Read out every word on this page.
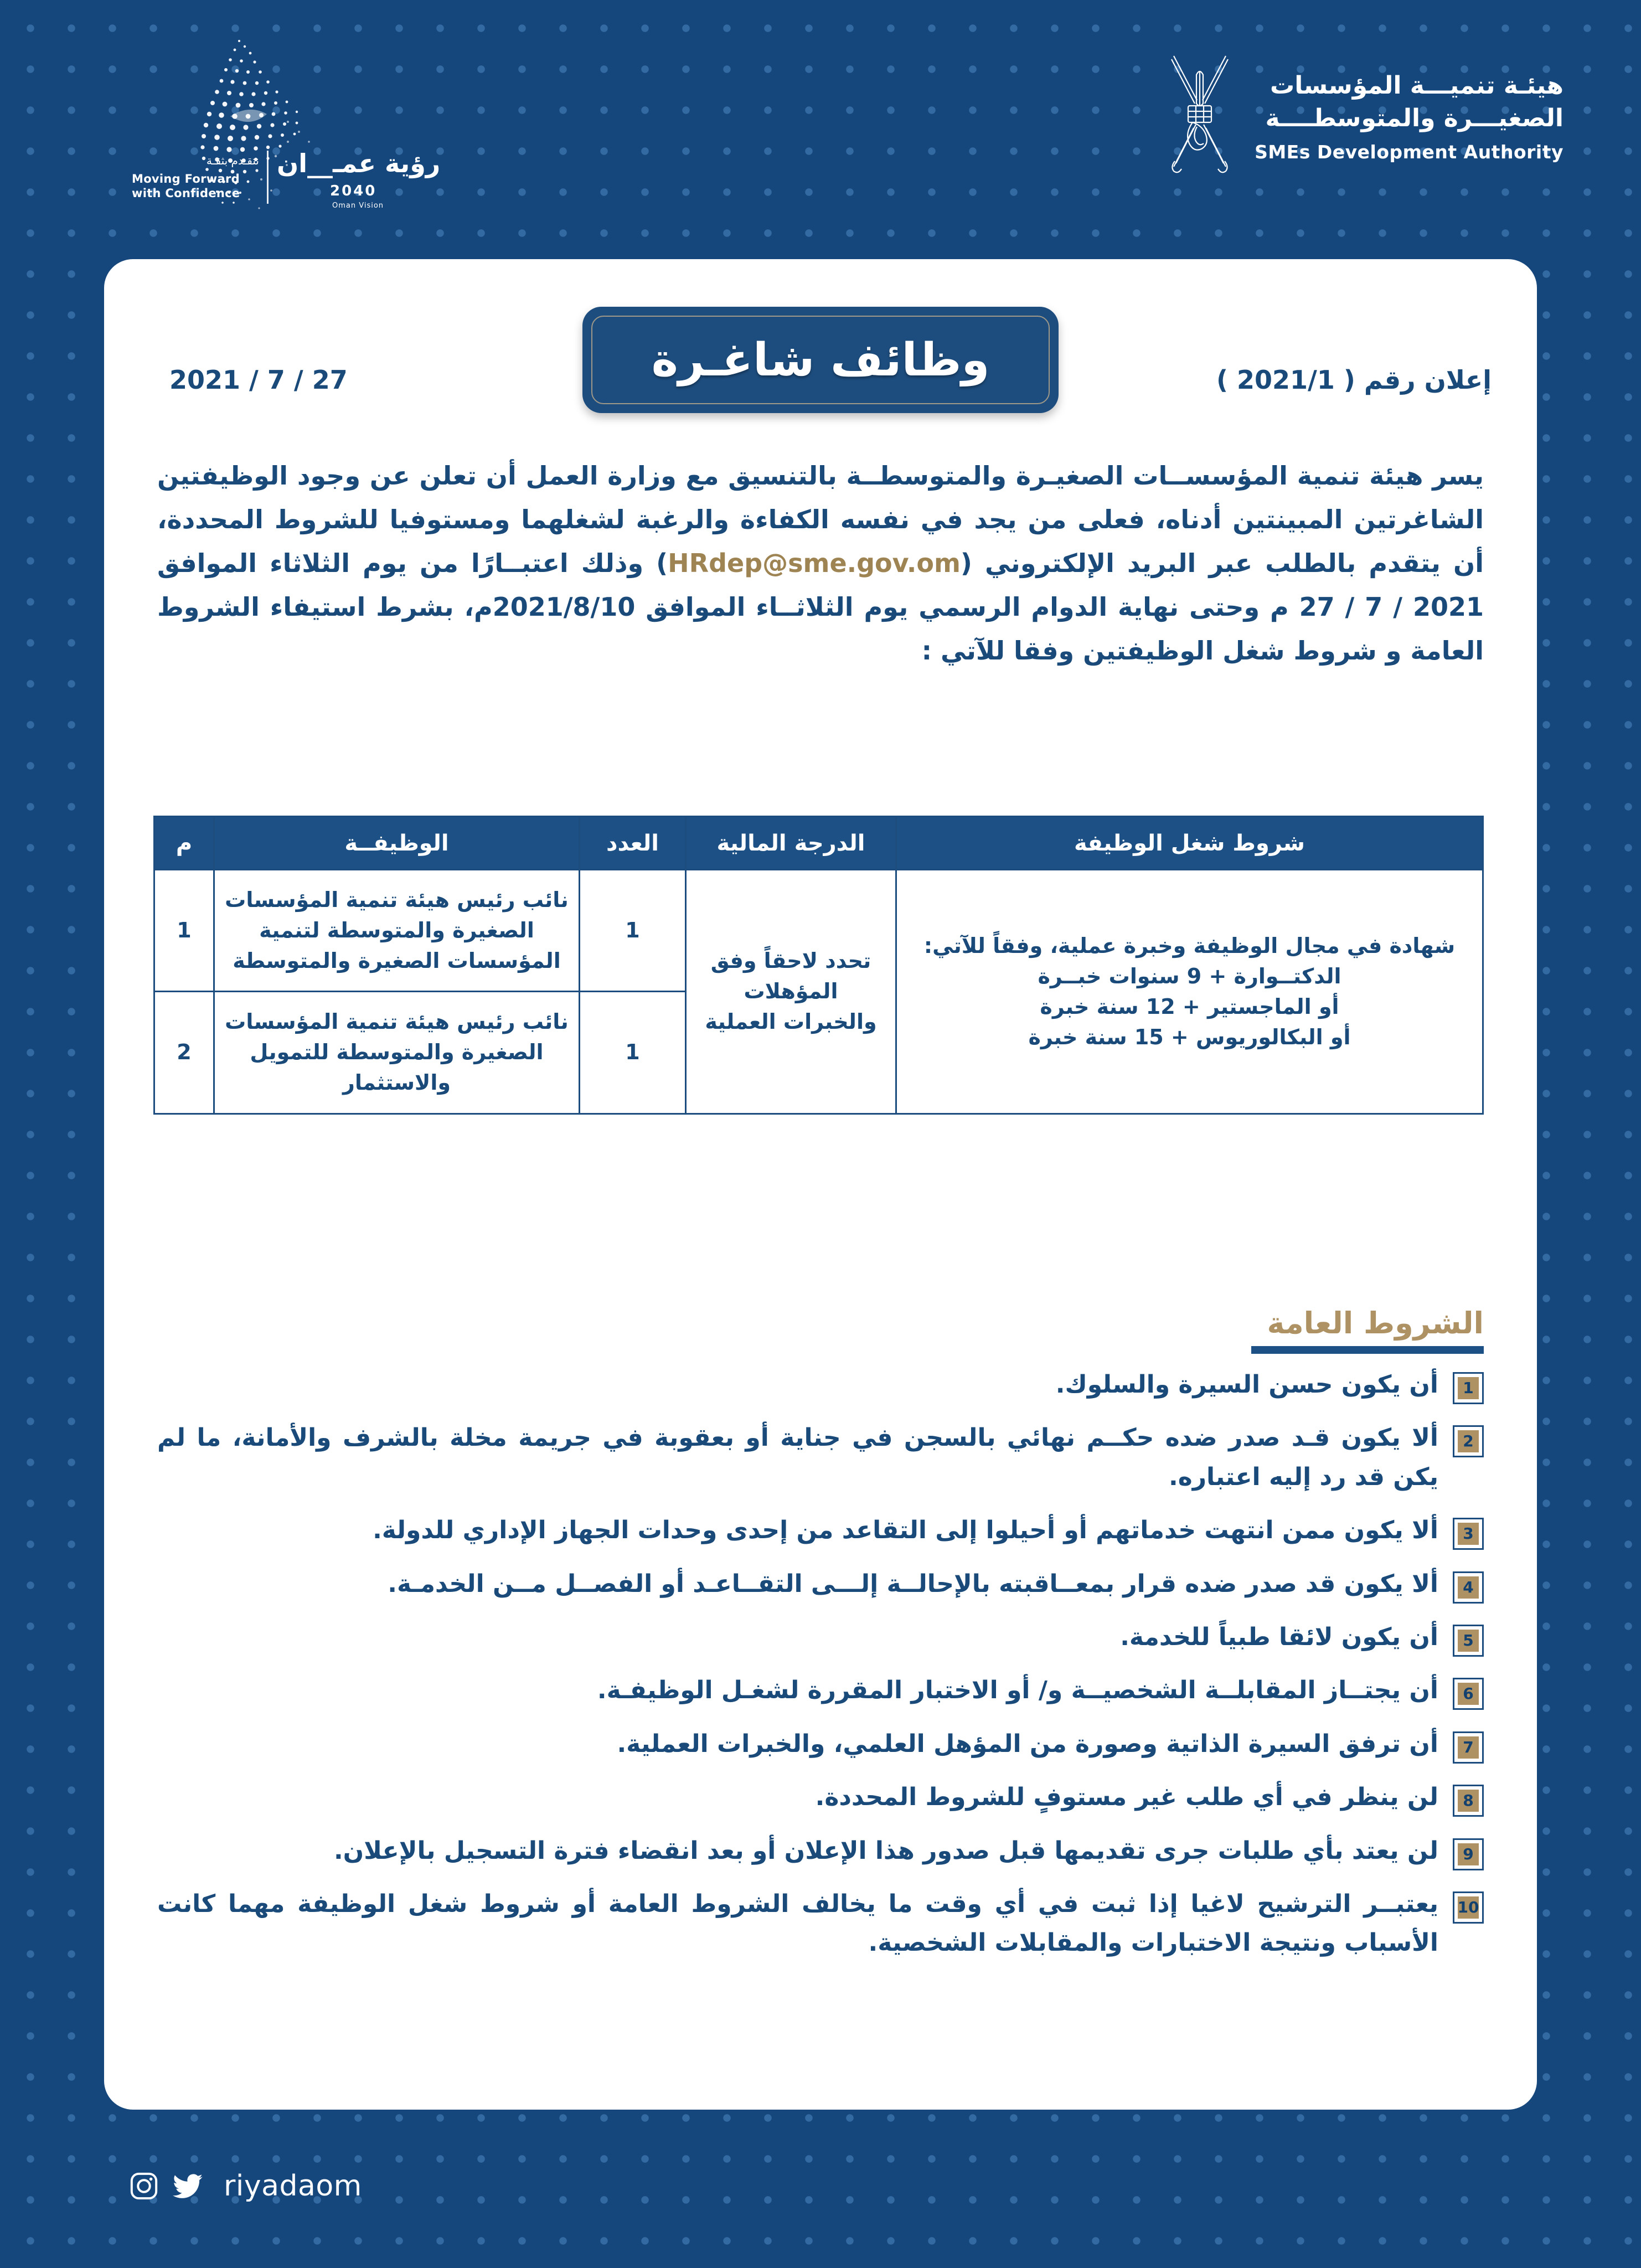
نتقـدم بثقـة
Moving Forward with Confidence
رؤية عمـ__ان
2040
Oman Vision
هيئـة تنميـــة المؤسسات
الصغيـــرة والمتوسطــــة
SMEs Development Authority
وظائف شاغـرة	إعلان رقم ( 2021/1 )
2021 / 7 / 27

يسر هيئة تنمية المؤسســات الصغيـرة والمتوسطــة بالتنسيق مع وزارة العمل أن تعلن عن وجود الوظيفتين الشاغرتين المبينتين أدناه، فعلى من يجد في نفسه الكفاءة والرغبة لشغلهما ومستوفيا للشروط المحددة، أن يتقدم بالطلب عبر البريد الإلكتروني (HRdep@sme.gov.om) وذلك اعتبــارًا من يوم الثلاثاء الموافق 2021 / 7 / 27 م وحتى نهاية الدوام الرسمي يوم الثلاثــاء الموافق 2021/8/10م، بشرط استيفاء الشروط العامة و شروط شغل الوظيفتين وفقا للآتي :

شروط شغل الوظيفة	الدرجة المالية	العدد	الوظيفــة	م

شهادة في مجال الوظيفة وخبرة عملية، وفقاً للآتي:
الدكتــوارة + 9 سنوات خبــرة
أو الماجستير + 12 سنة خبرة
أو البكالوريوس + 15 سنة خبرة	تحدد لاحقاً وفق المؤهلات والخبرات العملية	1	نائب رئيس هيئة تنمية المؤسسات الصغيرة والمتوسطة لتنمية المؤسسات الصغيرة والمتوسطة	1
		1	نائب رئيس هيئة تنمية المؤسسات الصغيرة والمتوسطة للتمويل والاستثمار	2
الشروط العامة
1
أن يكون حسن السيرة والسلوك.
2
ألا يكون قـد صدر ضده حكــم نهائي بالسجن في جناية أو بعقوبة في جريمة مخلة بالشرف والأمانة، ما لم يكن قد رد إليه اعتباره.
3
ألا يكون ممن انتهت خدماتهم أو أحيلوا إلى التقاعد من إحدى وحدات الجهاز الإداري للدولة.
4
ألا يكون قد صدر ضده قرار بمعــاقبته بالإحالــة إلـــى التقــاعـد أو الفصــل مــن الخدمـة.
5
أن يكون لائقا طبياً للخدمة.
6
أن يجتــاز المقابلــة الشخصيــة و/ أو الاختبار المقررة لشغـل الوظيفـة.
7
أن ترفق السيرة الذاتية وصورة من المؤهل العلمي، والخبرات العملية.
8
لن ينظر في أي طلب غير مستوفٍ للشروط المحددة.
9
لن يعتد بأي طلبات جرى تقديمها قبل صدور هذا الإعلان أو بعد انقضاء فترة التسجيل بالإعلان.
10
يعتبــر الترشيح لاغيا إذا ثبت في أي وقت ما يخالف الشروط العامة أو شروط شغل الوظيفة مهما كانت الأسباب ونتيجة الاختبارات والمقابلات الشخصية.
riyadaom
